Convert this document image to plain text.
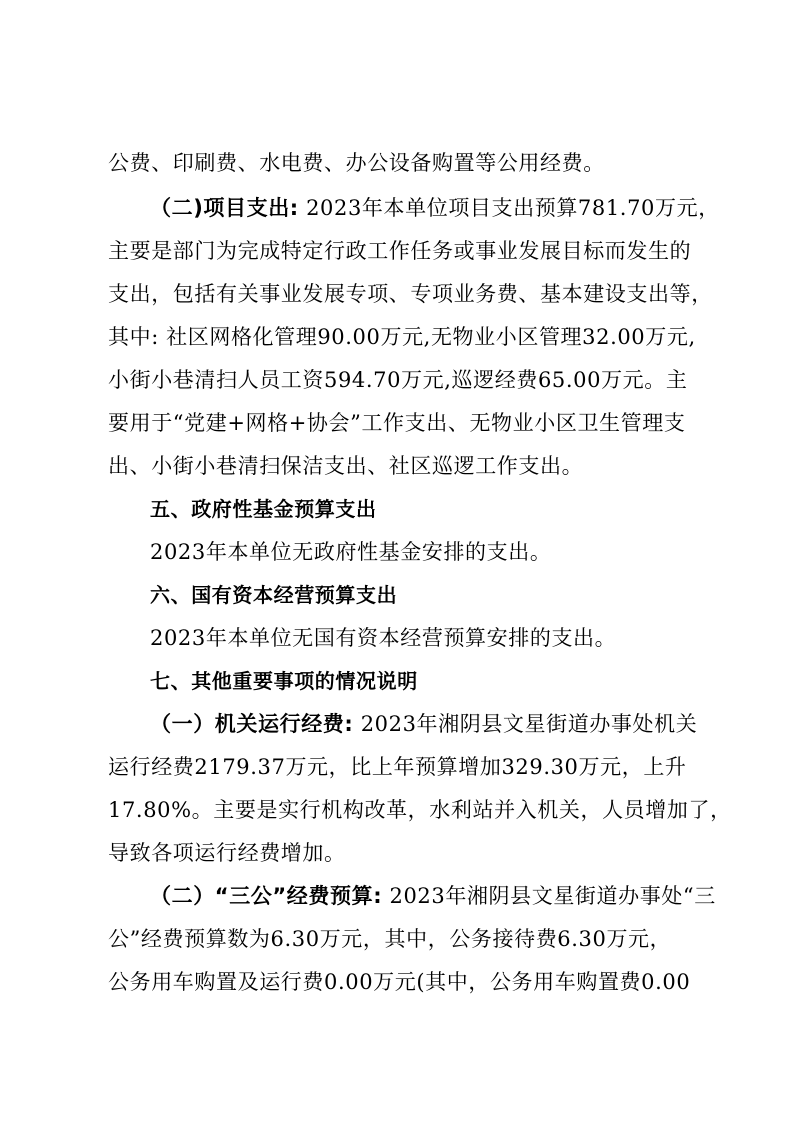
公费、印刷费、水电费、办公设备购置等公用经费。
（二)项目支出: 2023年本单位项目支出预算781.70万元，
主要是部门为完成特定行政工作任务或事业发展目标而发生的
支出，包括有关事业发展专项、专项业务费、基本建设支出等，
其中: 社区网格化管理90.00万元,无物业小区管理32.00万元,
小街小巷清扫人员工资594.70万元,巡逻经费65.00万元。主
要用于“党建+网格+协会”工作支出、无物业小区卫生管理支
出、小街小巷清扫保洁支出、社区巡逻工作支出。
五、政府性基金预算支出
2023年本单位无政府性基金安排的支出。
六、国有资本经营预算支出
2023年本单位无国有资本经营预算安排的支出。
七、其他重要事项的情况说明
（一）机关运行经费: 2023年湘阴县文星街道办事处机关
运行经费2179.37万元，比上年预算增加329.30万元，上升
17.80%。主要是实行机构改革，水利站并入机关，人员增加了，
导致各项运行经费增加。
（二）“三公”经费预算: 2023年湘阴县文星街道办事处“三
公”经费预算数为6.30万元，其中，公务接待费6.30万元，
公务用车购置及运行费0.00万元(其中，公务用车购置费0.00
